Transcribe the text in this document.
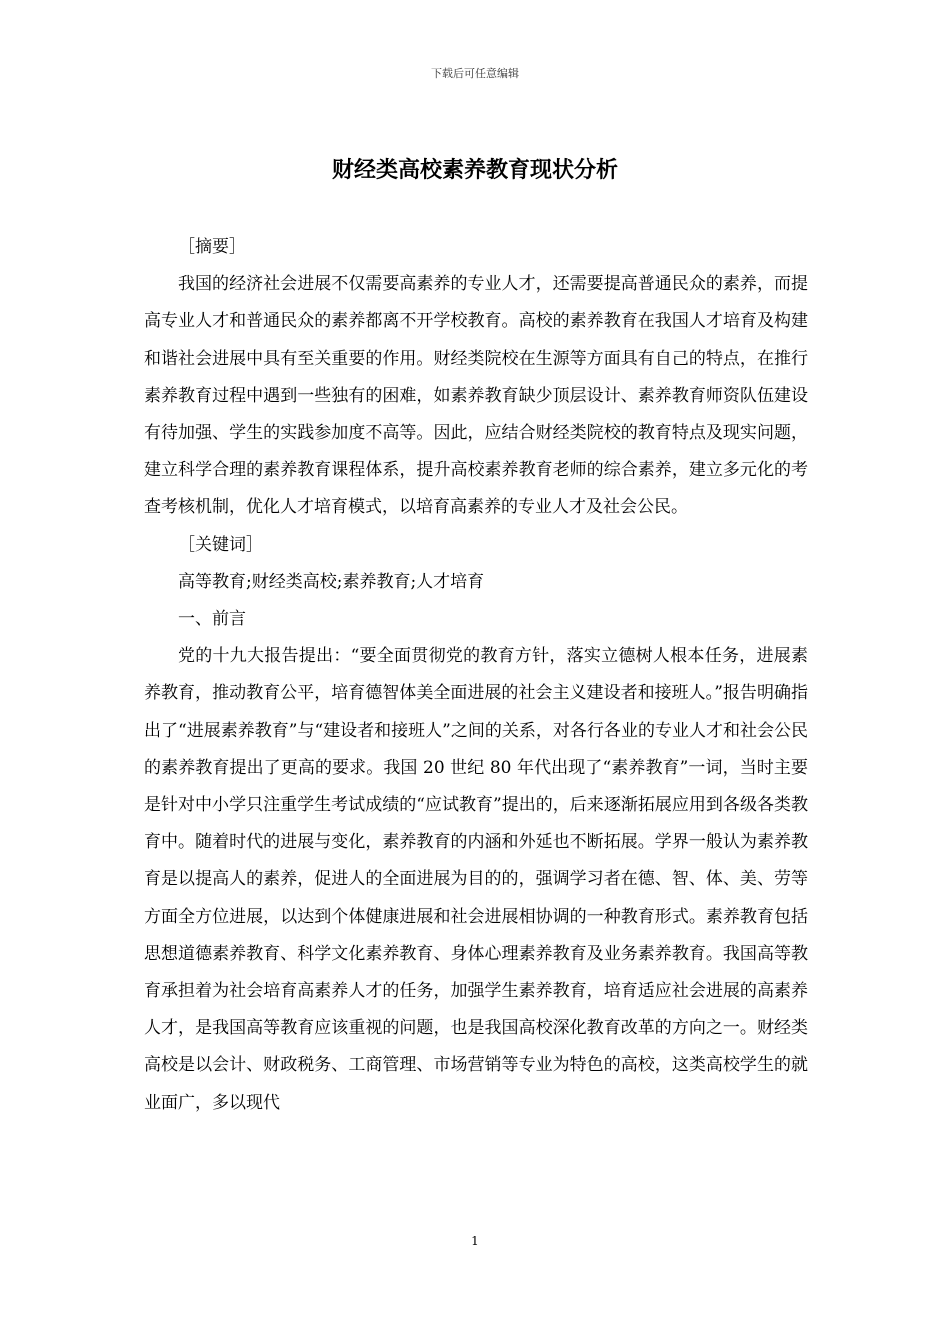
下载后可任意编辑
财经类高校素养教育现状分析

［摘要］

我国的经济社会进展不仅需要高素养的专业人才，还需要提高普通民众的素养，而提高专业人才和普通民众的素养都离不开学校教育。高校的素养教育在我国人才培育及构建和谐社会进展中具有至关重要的作用。财经类院校在生源等方面具有自己的特点，在推行素养教育过程中遇到一些独有的困难，如素养教育缺少顶层设计、素养教育师资队伍建设有待加强、学生的实践参加度不高等。因此，应结合财经类院校的教育特点及现实问题，建立科学合理的素养教育课程体系，提升高校素养教育老师的综合素养，建立多元化的考查考核机制，优化人才培育模式，以培育高素养的专业人才及社会公民。

［关键词］

高等教育;财经类高校;素养教育;人才培育

一、前言

党的十九大报告提出：“要全面贯彻党的教育方针，落实立德树人根本任务，进展素养教育，推动教育公平，培育德智体美全面进展的社会主义建设者和接班人。”报告明确指出了“进展素养教育”与“建设者和接班人”之间的关系，对各行各业的专业人才和社会公民的素养教育提出了更高的要求。我国 20 世纪 80 年代出现了“素养教育”一词，当时主要是针对中小学只注重学生考试成绩的“应试教育”提出的，后来逐渐拓展应用到各级各类教育中。随着时代的进展与变化，素养教育的内涵和外延也不断拓展。学界一般认为素养教育是以提高人的素养，促进人的全面进展为目的的，强调学习者在德、智、体、美、劳等方面全方位进展，以达到个体健康进展和社会进展相协调的一种教育形式。素养教育包括思想道德素养教育、科学文化素养教育、身体心理素养教育及业务素养教育。我国高等教育承担着为社会培育高素养人才的任务，加强学生素养教育，培育适应社会进展的高素养人才，是我国高等教育应该重视的问题，也是我国高校深化教育改革的方向之一。财经类高校是以会计、财政税务、工商管理、市场营销等专业为特色的高校，这类高校学生的就业面广，多以现代

1
